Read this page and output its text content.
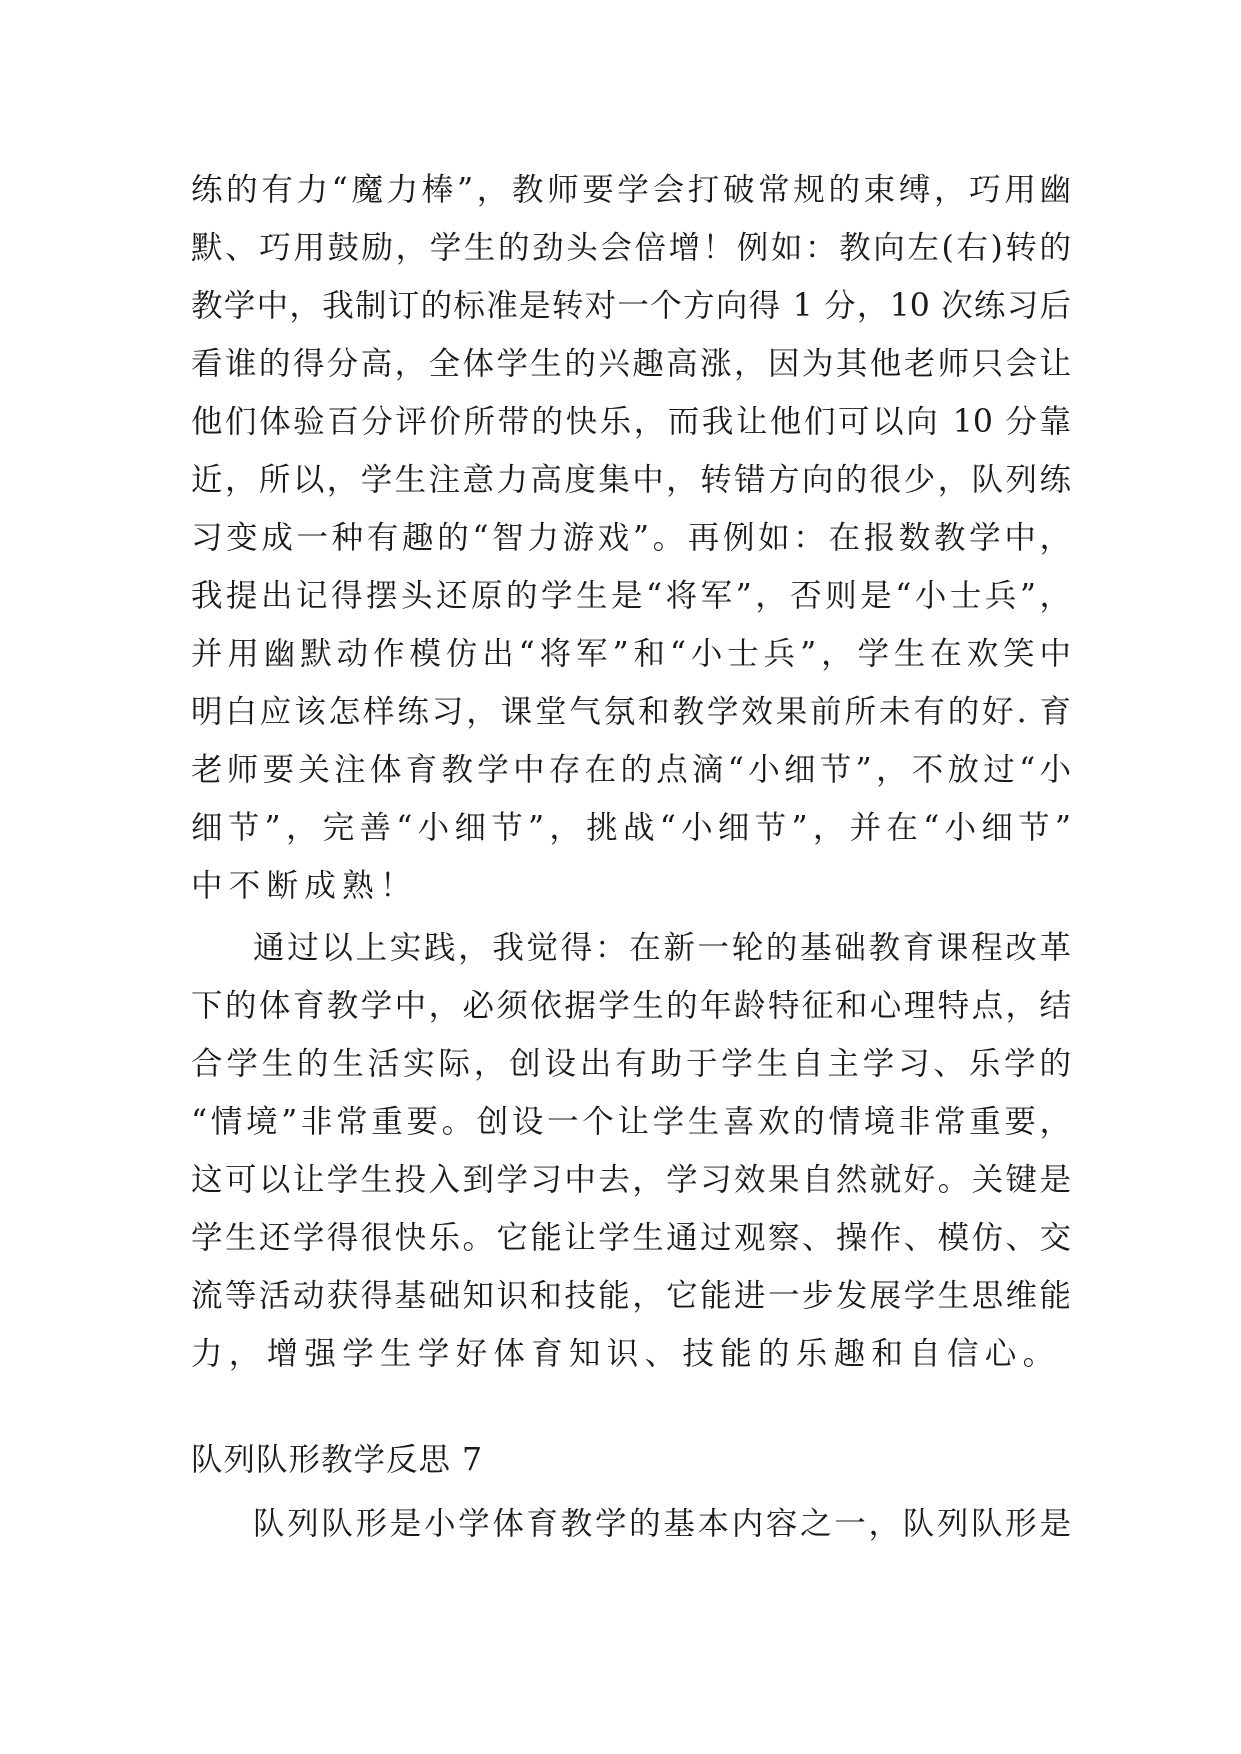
练的有力“魔力棒”，教师要学会打破常规的束缚，巧用幽
默、巧用鼓励，学生的劲头会倍增！例如：教向左(右)转的
教学中，我制订的标准是转对一个方向得 1 分，10 次练习后
看谁的得分高，全体学生的兴趣高涨，因为其他老师只会让
他们体验百分评价所带的快乐，而我让他们可以向 10 分靠
近，所以，学生注意力高度集中，转错方向的很少，队列练
习变成一种有趣的“智力游戏”。再例如：在报数教学中，
我提出记得摆头还原的学生是“将军”，否则是“小士兵”，
并用幽默动作模仿出“将军”和“小士兵”，学生在欢笑中
明白应该怎样练习，课堂气氛和教学效果前所未有的好. 育
老师要关注体育教学中存在的点滴“小细节”，不放过“小
细节”，完善“小细节”，挑战“小细节”，并在“小细节”
中不断成熟！
通过以上实践，我觉得：在新一轮的基础教育课程改革
下的体育教学中，必须依据学生的年龄特征和心理特点，结
合学生的生活实际，创设出有助于学生自主学习、乐学的
“情境”非常重要。创设一个让学生喜欢的情境非常重要，
这可以让学生投入到学习中去，学习效果自然就好。关键是
学生还学得很快乐。它能让学生通过观察、操作、模仿、交
流等活动获得基础知识和技能，它能进一步发展学生思维能
力，增强学生学好体育知识、技能的乐趣和自信心。
队列队形教学反思 7
队列队形是小学体育教学的基本内容之一，队列队形是
